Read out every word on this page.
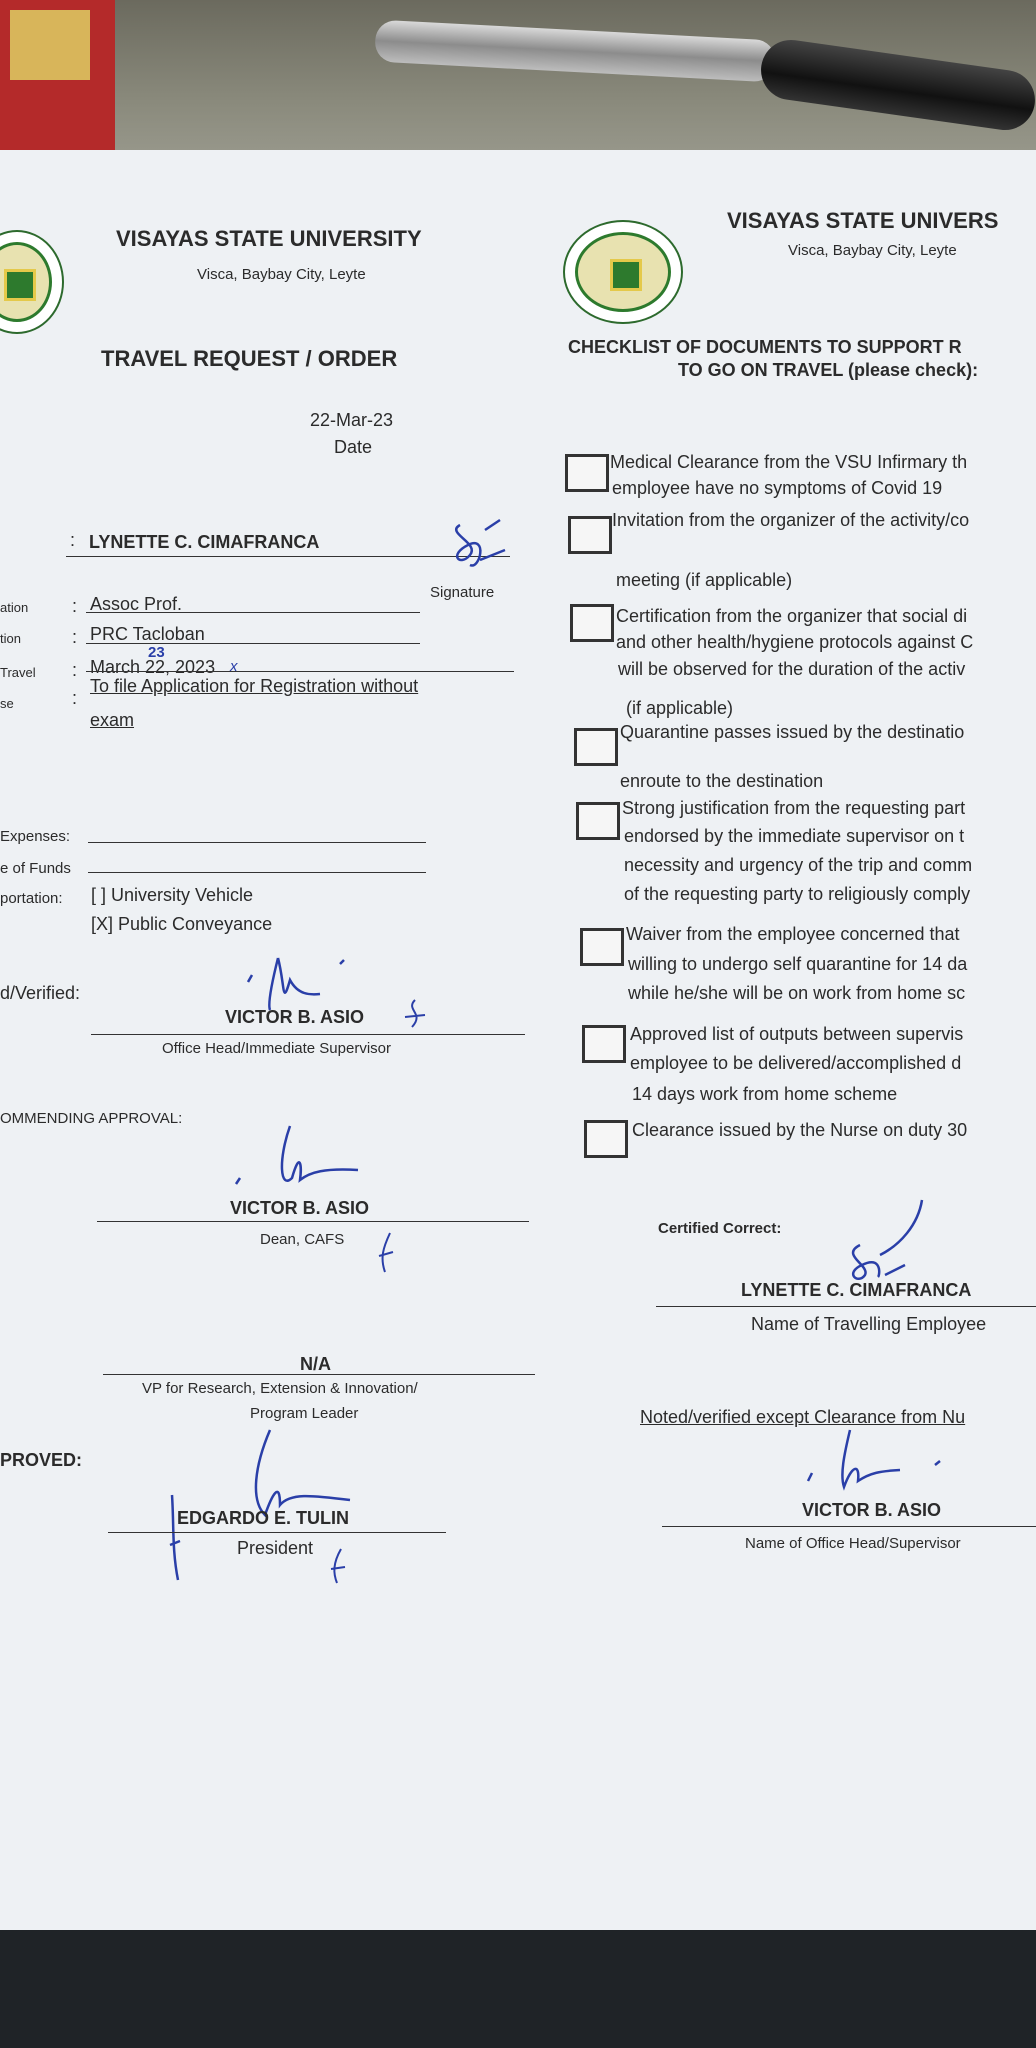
VISAYAS STATE UNIVERSITY
Visca, Baybay City, Leyte
TRAVEL REQUEST / ORDER
22-Mar-23
Date
: LYNETTE C. CIMAFRANCA
Signature
ation : Assoc Prof.
tion	: PRC Tacloban
Travel : March 22, 2023
23
x
se	:
To file Application for Registration without
exam
Expenses:
e of Funds
portation: [ ] University Vehicle
[X] Public Conveyance
d/Verified:
VICTOR B. ASIO
Office Head/Immediate Supervisor
OMMENDING APPROVAL:
VICTOR B. ASIO
Dean, CAFS
N/A
VP for Research, Extension & Innovation/
Program Leader
PROVED:
EDGARDO E. TULIN
President
VISAYAS STATE UNIVERS
Visca, Baybay City, Leyte
CHECKLIST OF DOCUMENTS TO SUPPORT R
TO GO ON TRAVEL (please check):
Medical Clearance from the VSU Infirmary th
employee have no symptoms of Covid 19
Invitation from the organizer of the activity/co
meeting (if applicable)
Certification from the organizer that social di
and other health/hygiene protocols against C
will be observed for the duration of the activ
(if applicable)
Quarantine passes issued by the destinatio
enroute to the destination
Strong justification from the requesting part
endorsed by the immediate supervisor on t
necessity and urgency of the trip and comm
of the requesting party to religiously comply
Waiver from the employee concerned that
willing to undergo self quarantine for 14 da
while he/she will be on work from home sc
Approved list of outputs between supervis
employee to be delivered/accomplished d
14 days work from home scheme
Clearance issued by the Nurse on duty 30
Certified Correct:
LYNETTE C. CIMAFRANCA
Name of Travelling Employee
Noted/verified except Clearance from Nu
VICTOR B. ASIO
Name of Office Head/Supervisor
